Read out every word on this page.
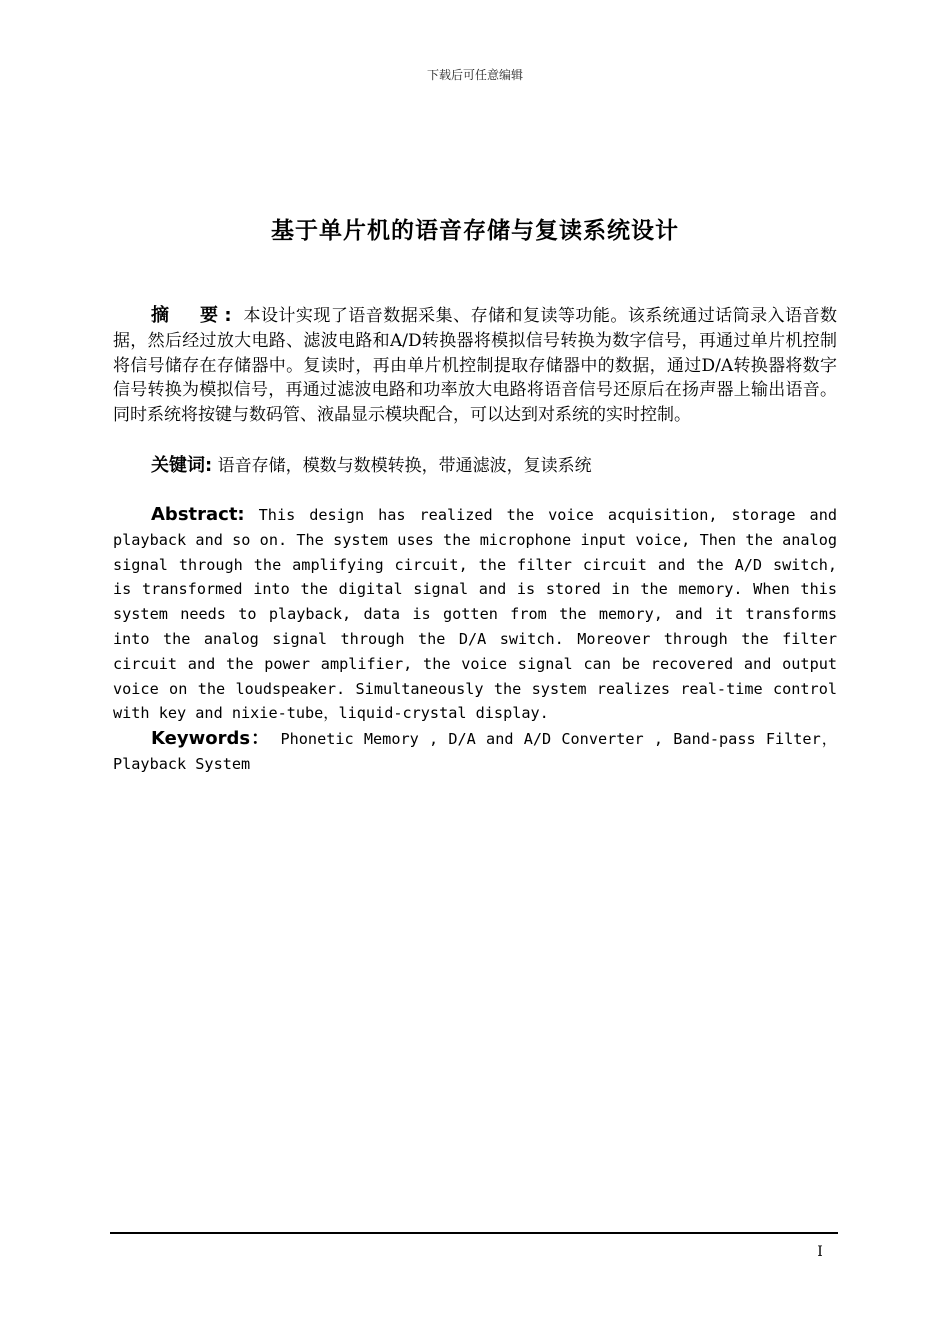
下载后可任意编辑
基于单片机的语音存储与复读系统设计
摘　要: 本设计实现了语音数据采集、存储和复读等功能。该系统通过话筒录入语音数据，然后经过放大电路、滤波电路和A/D转换器将模拟信号转换为数字信号，再通过单片机控制将信号储存在存储器中。复读时，再由单片机控制提取存储器中的数据，通过D/A转换器将数字信号转换为模拟信号，再通过滤波电路和功率放大电路将语音信号还原后在扬声器上输出语音。同时系统将按键与数码管、液晶显示模块配合，可以达到对系统的实时控制。
关键词: 语音存储，模数与数模转换，带通滤波，复读系统
Abstract: This design has realized the voice acquisition, storage and playback and so on. The system uses the microphone input voice, Then the analog signal through the amplifying circuit, the filter circuit and the A/D switch, is transformed into the digital signal and is stored in the memory. When this system needs to playback, data is gotten from the memory, and it transforms into the analog signal through the D/A switch. Moreover through the filter circuit and the power amplifier, the voice signal can be recovered and output voice on the loudspeaker. Simultaneously the system realizes real-time control with key and nixie-tube，liquid-crystal display.
Keywords： Phonetic Memory , D/A and A/D Converter , Band-pass Filter，Playback System
I
